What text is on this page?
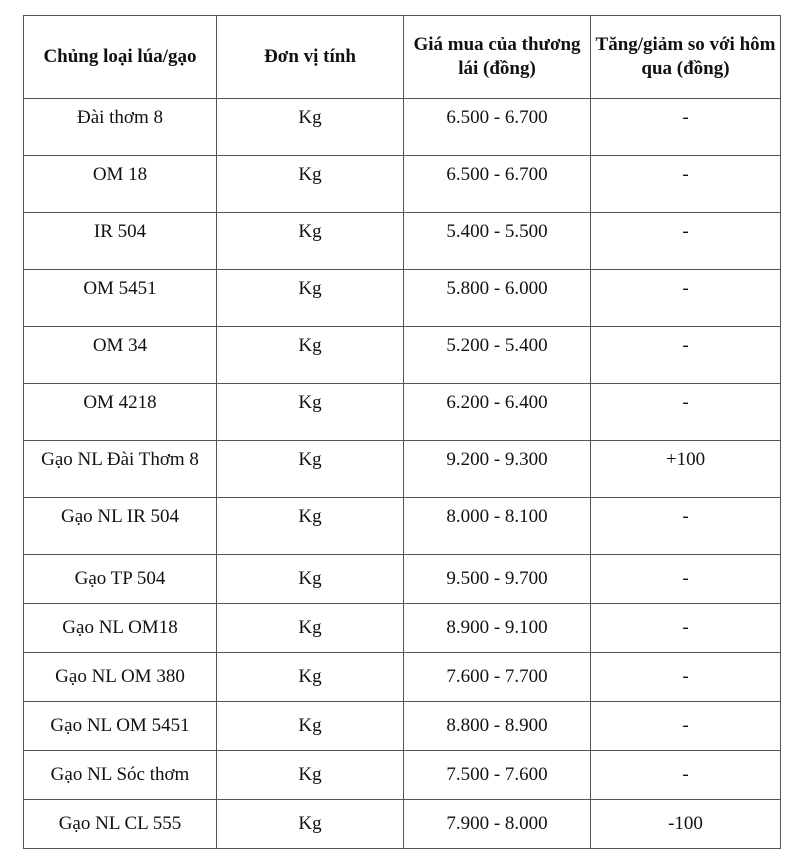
Chủng loại lúa/gạo	Đơn vị tính	Giá mua của thương lái (đồng)	Tăng/giảm so với hôm qua (đồng)
Đài thơm 8	Kg	6.500 - 6.700	-
OM 18	Kg	6.500 - 6.700	-
IR 504	Kg	5.400 - 5.500	-
OM 5451	Kg	5.800 - 6.000	-
OM 34	Kg	5.200 - 5.400	-
OM 4218	Kg	6.200 - 6.400	-
Gạo NL Đài Thơm 8	Kg	9.200 - 9.300	+100
Gạo NL IR 504	Kg	8.000 - 8.100	-
Gạo TP 504	Kg	9.500 - 9.700	-
Gạo NL OM18	Kg	8.900 - 9.100	-
Gạo NL OM 380	Kg	7.600 - 7.700	-
Gạo NL OM 5451	Kg	8.800 - 8.900	-
Gạo NL Sóc thơm	Kg	7.500 - 7.600	-
Gạo NL CL 555	Kg	7.900 - 8.000	-100
